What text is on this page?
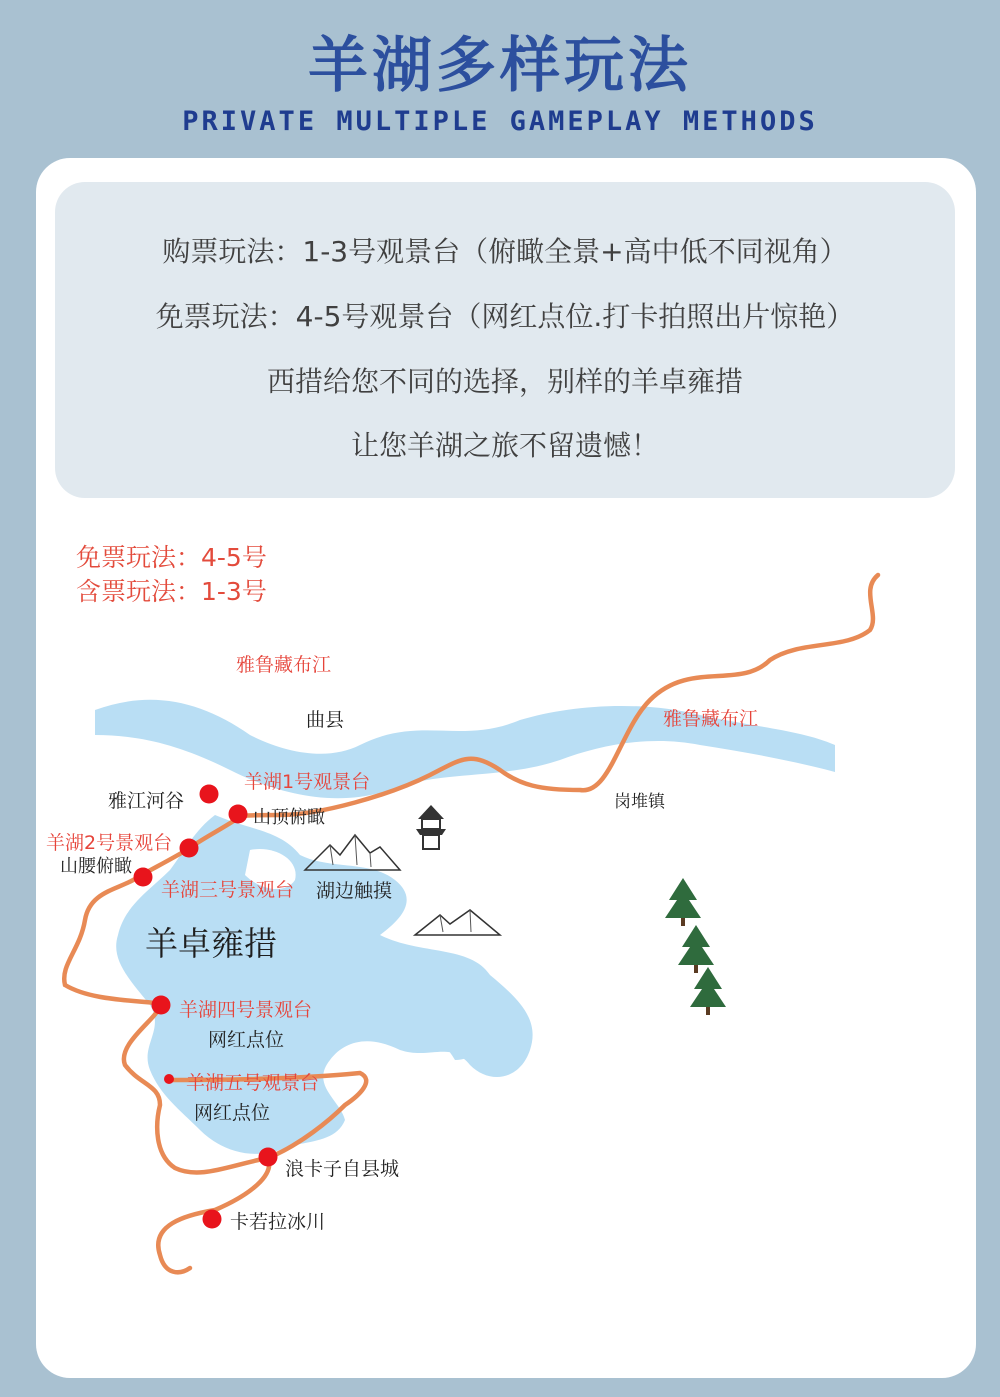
羊湖多样玩法
PRIVATE MULTIPLE GAMEPLAY METHODS
购票玩法：1-3号观景台（俯瞰全景+高中低不同视角）
免票玩法：4-5号观景台（网红点位.打卡拍照出片惊艳）
西措给您不同的选择，别样的羊卓雍措
让您羊湖之旅不留遗憾！
免票玩法：4-5号
含票玩法：1-3号
雅鲁藏布江
雅鲁藏布江
曲县
岗堆镇
雅江河谷
羊湖1号观景台
山顶俯瞰
羊湖2号景观台
山腰俯瞰
羊湖三号景观台 湖边触摸
羊卓雍措
羊湖四号景观台
网红点位
羊湖五号观景台
网红点位
浪卡子自县城
卡若拉冰川
